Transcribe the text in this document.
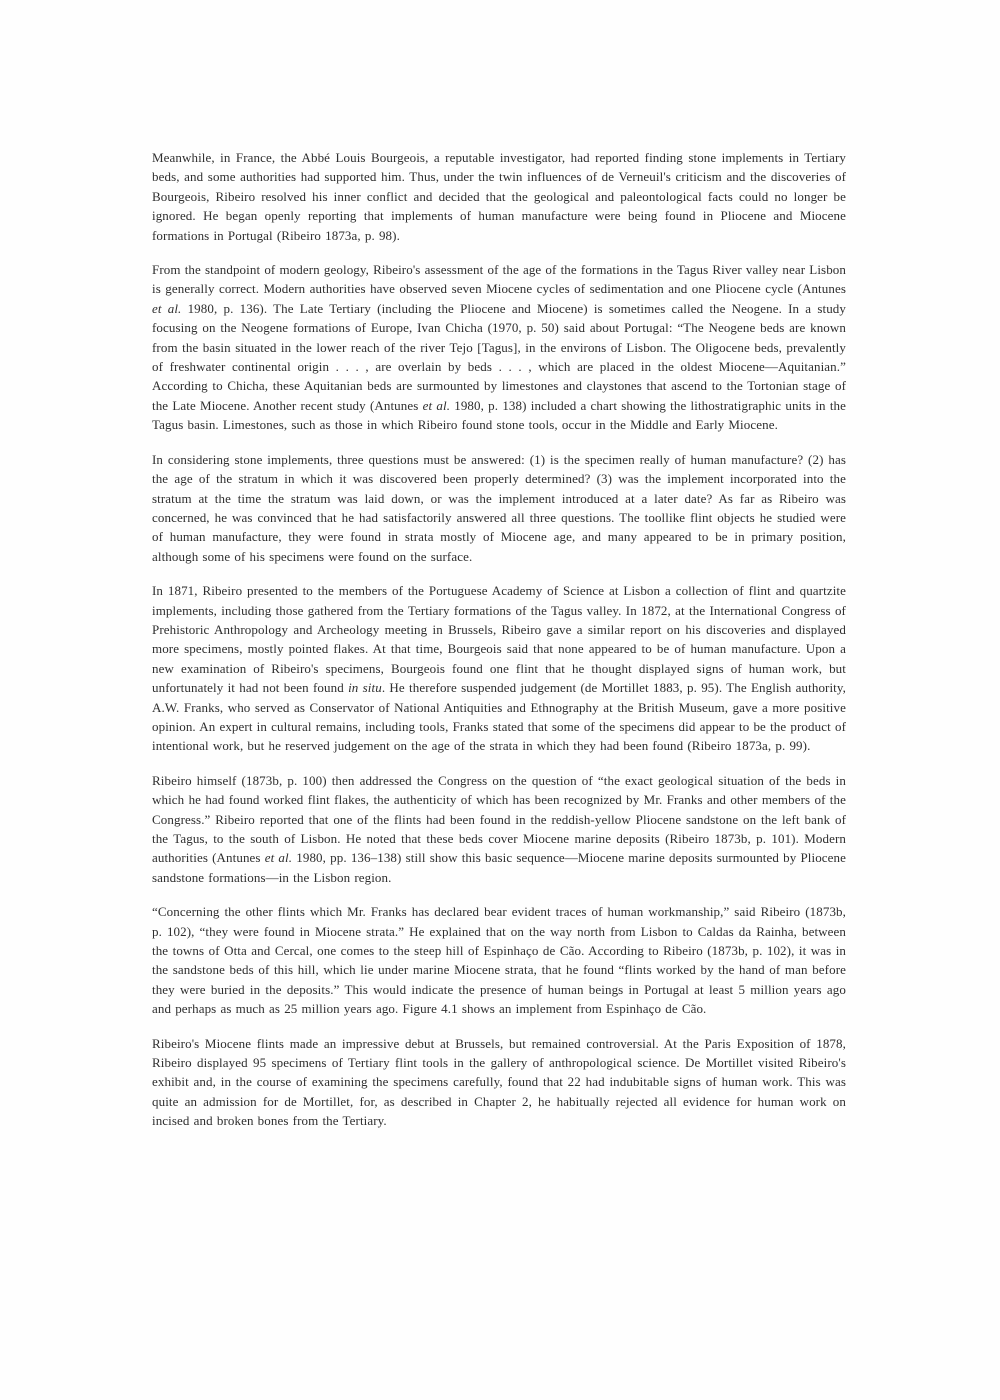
Meanwhile, in France, the Abbé Louis Bourgeois, a reputable investigator, had reported finding stone implements in Tertiary beds, and some authorities had supported him. Thus, under the twin influences of de Verneuil's criticism and the discoveries of Bourgeois, Ribeiro resolved his inner conflict and decided that the geological and paleontological facts could no longer be ignored. He began openly reporting that implements of human manufacture were being found in Pliocene and Miocene formations in Portugal (Ribeiro 1873a, p. 98).

From the standpoint of modern geology, Ribeiro's assessment of the age of the formations in the Tagus River valley near Lisbon is generally correct. Modern authorities have observed seven Miocene cycles of sedimentation and one Pliocene cycle (Antunes et al. 1980, p. 136). The Late Tertiary (including the Pliocene and Miocene) is sometimes called the Neogene. In a study focusing on the Neogene formations of Europe, Ivan Chicha (1970, p. 50) said about Portugal: “The Neogene beds are known from the basin situated in the lower reach of the river Tejo [Tagus], in the environs of Lisbon. The Oligocene beds, prevalently of freshwater continental origin . . . , are overlain by beds . . . , which are placed in the oldest Miocene—Aquitanian.” According to Chicha, these Aquitanian beds are surmounted by limestones and claystones that ascend to the Tortonian stage of the Late Miocene. Another recent study (Antunes et al. 1980, p. 138) included a chart showing the lithostratigraphic units in the Tagus basin. Limestones, such as those in which Ribeiro found stone tools, occur in the Middle and Early Miocene.

In considering stone implements, three questions must be answered: (1) is the specimen really of human manufacture? (2) has the age of the stratum in which it was discovered been properly determined? (3) was the implement incorporated into the stratum at the time the stratum was laid down, or was the implement introduced at a later date? As far as Ribeiro was concerned, he was convinced that he had satisfactorily answered all three questions. The toollike flint objects he studied were of human manufacture, they were found in strata mostly of Miocene age, and many appeared to be in primary position, although some of his specimens were found on the surface.

In 1871, Ribeiro presented to the members of the Portuguese Academy of Science at Lisbon a collection of flint and quartzite implements, including those gathered from the Tertiary formations of the Tagus valley. In 1872, at the International Congress of Prehistoric Anthropology and Archeology meeting in Brussels, Ribeiro gave a similar report on his discoveries and displayed more specimens, mostly pointed flakes. At that time, Bourgeois said that none appeared to be of human manufacture. Upon a new examination of Ribeiro's specimens, Bourgeois found one flint that he thought displayed signs of human work, but unfortunately it had not been found in situ. He therefore suspended judgement (de Mortillet 1883, p. 95). The English authority, A.W. Franks, who served as Conservator of National Antiquities and Ethnography at the British Museum, gave a more positive opinion. An expert in cultural remains, including tools, Franks stated that some of the specimens did appear to be the product of intentional work, but he reserved judgement on the age of the strata in which they had been found (Ribeiro 1873a, p. 99).

Ribeiro himself (1873b, p. 100) then addressed the Congress on the question of “the exact geological situation of the beds in which he had found worked flint flakes, the authenticity of which has been recognized by Mr. Franks and other members of the Congress.” Ribeiro reported that one of the flints had been found in the reddish-yellow Pliocene sandstone on the left bank of the Tagus, to the south of Lisbon. He noted that these beds cover Miocene marine deposits (Ribeiro 1873b, p. 101). Modern authorities (Antunes et al. 1980, pp. 136–138) still show this basic sequence—Miocene marine deposits surmounted by Pliocene sandstone formations—in the Lisbon region.

“Concerning the other flints which Mr. Franks has declared bear evident traces of human workmanship,” said Ribeiro (1873b, p. 102), “they were found in Miocene strata.” He explained that on the way north from Lisbon to Caldas da Rainha, between the towns of Otta and Cercal, one comes to the steep hill of Espinhaço de Cão. According to Ribeiro (1873b, p. 102), it was in the sandstone beds of this hill, which lie under marine Miocene strata, that he found “flints worked by the hand of man before they were buried in the deposits.” This would indicate the presence of human beings in Portugal at least 5 million years ago and perhaps as much as 25 million years ago. Figure 4.1 shows an implement from Espinhaço de Cão.

Ribeiro's Miocene flints made an impressive debut at Brussels, but remained controversial. At the Paris Exposition of 1878, Ribeiro displayed 95 specimens of Tertiary flint tools in the gallery of anthropological science. De Mortillet visited Ribeiro's exhibit and, in the course of examining the specimens carefully, found that 22 had indubitable signs of human work. This was quite an admission for de Mortillet, for, as described in Chapter 2, he habitually rejected all evidence for human work on incised and broken bones from the Tertiary.
